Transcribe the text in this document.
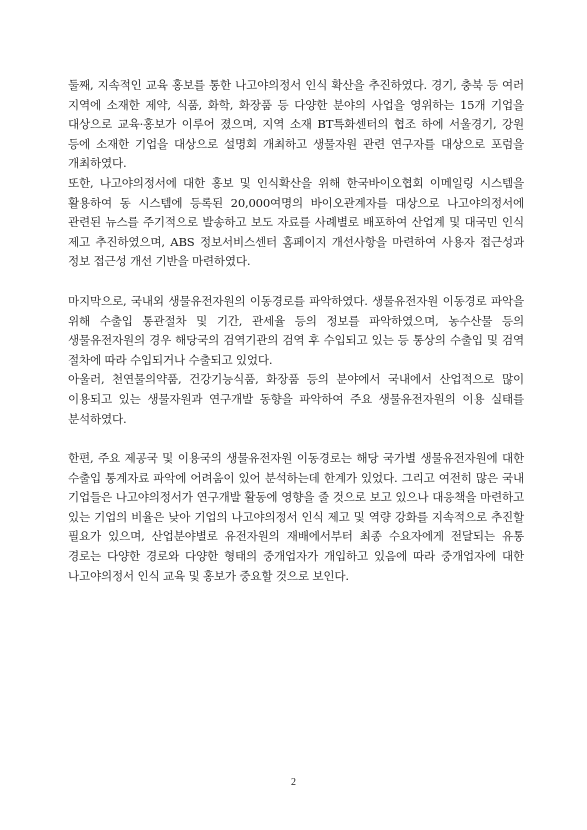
둘째, 지속적인 교육 홍보를 통한 나고야의정서 인식 확산을 추진하였다. 경기, 충북 등 여러 지역에 소재한 제약, 식품, 화학, 화장품 등 다양한 분야의 사업을 영위하는 15개 기업을 대상으로 교육·홍보가 이루어 졌으며, 지역 소재 BT특화센터의 협조 하에 서울경기, 강원 등에 소재한 기업을 대상으로 설명회 개최하고 생물자원 관련 연구자를 대상으로 포럼을 개최하였다.

또한, 나고야의정서에 대한 홍보 및 인식확산을 위해 한국바이오협회 이메일링 시스템을 활용하여 동 시스템에 등록된 20,000여명의 바이오관계자를 대상으로 나고야의정서에 관련된 뉴스를 주기적으로 발송하고 보도 자료를 사례별로 배포하여 산업계 및 대국민 인식 제고 추진하였으며, ABS 정보서비스센터 홈페이지 개선사항을 마련하여 사용자 접근성과 정보 접근성 개선 기반을 마련하였다.

마지막으로, 국내외 생물유전자원의 이동경로를 파악하였다. 생물유전자원 이동경로 파악을 위해 수출입 통관절차 및 기간, 관세율 등의 정보를 파악하였으며, 농수산물 등의 생물유전자원의 경우 해당국의 검역기관의 검역 후 수입되고 있는 등 통상의 수출입 및 검역 절차에 따라 수입되거나 수출되고 있었다.

아울러, 천연물의약품, 건강기능식품, 화장품 등의 분야에서 국내에서 산업적으로 많이 이용되고 있는 생물자원과 연구개발 동향을 파악하여 주요 생물유전자원의 이용 실태를 분석하였다.

한편, 주요 제공국 및 이용국의 생물유전자원 이동경로는 해당 국가별 생물유전자원에 대한 수출입 통계자료 파악에 어려움이 있어 분석하는데 한계가 있었다. 그리고 여전히 많은 국내 기업들은 나고야의정서가 연구개발 활동에 영향을 줄 것으로 보고 있으나 대응책을 마련하고 있는 기업의 비율은 낮아 기업의 나고야의정서 인식 제고 및 역량 강화를 지속적으로 추진할 필요가 있으며, 산업분야별로 유전자원의 재배에서부터 최종 수요자에게 전달되는 유통 경로는 다양한 경로와 다양한 형태의 중개업자가 개입하고 있음에 따라 중개업자에 대한 나고야의정서 인식 교육 및 홍보가 중요할 것으로 보인다.

2
